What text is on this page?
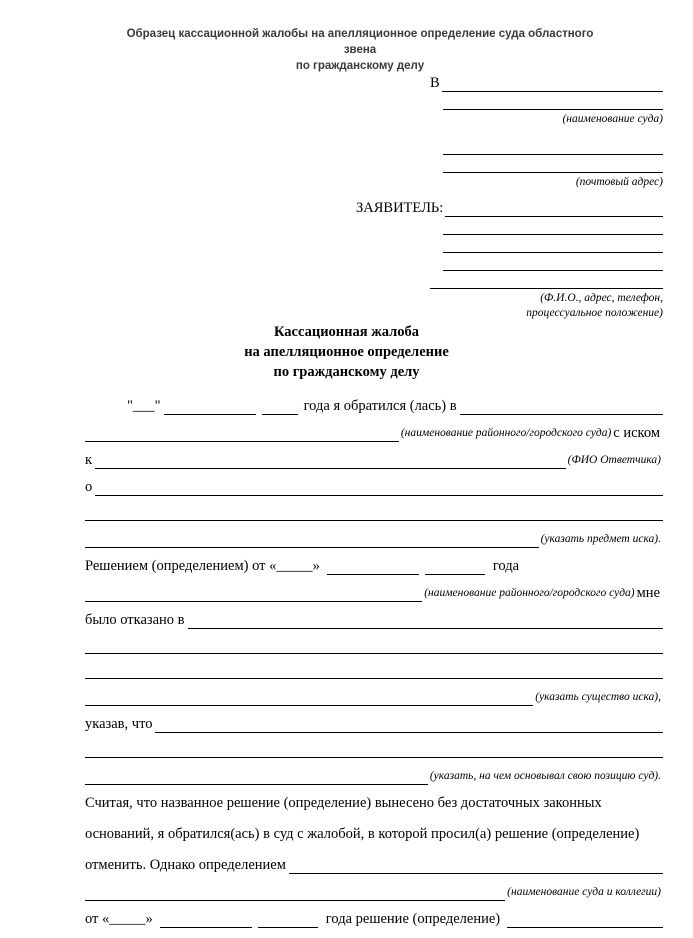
Образец кассационной жалобы на апелляционное определение суда областного звена
по гражданскому делу
В
(наименование суда)
(почтовый адрес)
ЗАЯВИТЕЛЬ:
(Ф.И.О., адрес, телефон,
процессуальное положение)
Кассационная жалоба
на апелляционное определение
по гражданскому делу
"___"	года я обратился (лась) в
(наименование районного/городского суда) с иском
к	(ФИО Ответчика)
о
(указать предмет иска).
Решением (определением) от «_____»	года
(наименование районного/городского суда) мне
было отказано в
(указать существо иска),
указав, что
(указать, на чем основывал свою позицию суд).
Считая, что названное решение (определение) вынесено без достаточных законных
оснований, я обратился(ась) в суд с жалобой, в которой просил(а) решение (определение)
отменить. Однако определением
(наименование суда и коллегии)
от «_____»	года решение (определение)
